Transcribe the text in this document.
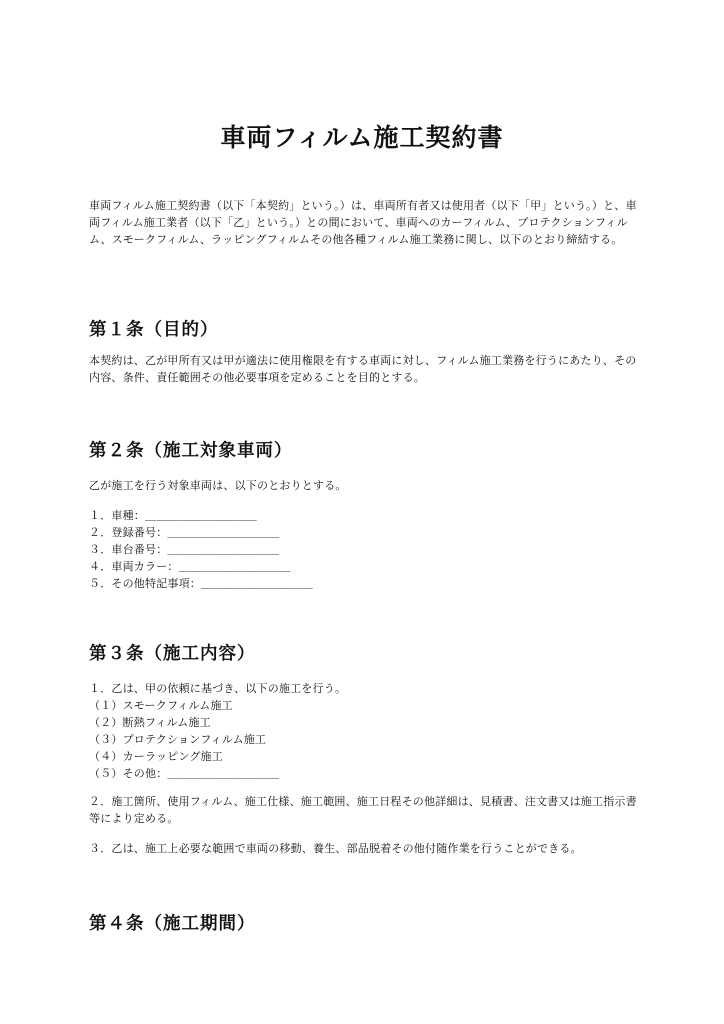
車両フィルム施工契約書

車両フィルム施工契約書（以下「本契約」という。）は、車両所有者又は使用者（以下「甲」という。）と、車両フィルム施工業者（以下「乙」という。）との間において、車両へのカーフィルム、プロテクションフィルム、スモークフィルム、ラッピングフィルムその他各種フィルム施工業務に関し、以下のとおり締結する。

第１条（目的）

本契約は、乙が甲所有又は甲が適法に使用権限を有する車両に対し、フィルム施工業務を行うにあたり、その内容、条件、責任範囲その他必要事項を定めることを目的とする。

第２条（施工対象車両）

乙が施工を行う対象車両は、以下のとおりとする。

１．車種：＿＿＿＿＿＿＿＿＿＿
２．登録番号：＿＿＿＿＿＿＿＿＿＿
３．車台番号：＿＿＿＿＿＿＿＿＿＿
４．車両カラー：＿＿＿＿＿＿＿＿＿＿
５．その他特記事項：＿＿＿＿＿＿＿＿＿＿
第３条（施工内容）

１．乙は、甲の依頼に基づき、以下の施工を行う。

（１）スモークフィルム施工
（２）断熱フィルム施工
（３）プロテクションフィルム施工
（４）カーラッピング施工
（５）その他：＿＿＿＿＿＿＿＿＿＿

２．施工箇所、使用フィルム、施工仕様、施工範囲、施工日程その他詳細は、見積書、注文書又は施工指示書等により定める。

３．乙は、施工上必要な範囲で車両の移動、養生、部品脱着その他付随作業を行うことができる。

第４条（施工期間）
